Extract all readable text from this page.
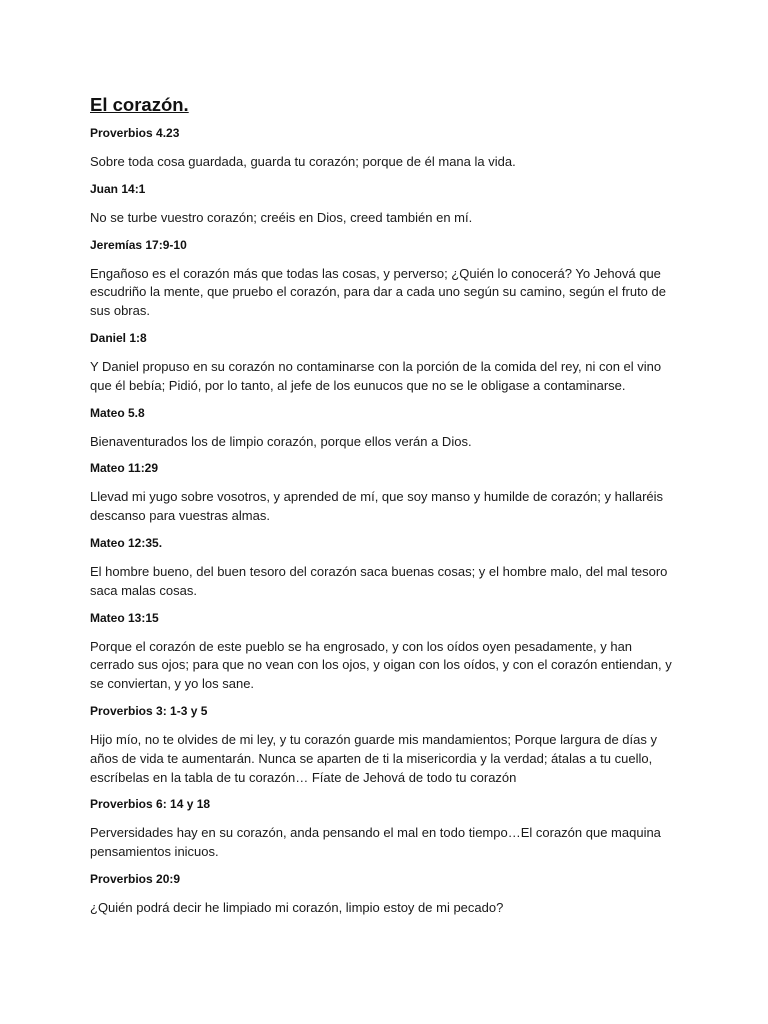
El corazón.

Proverbios 4.23

Sobre toda cosa guardada, guarda tu corazón; porque de él mana la vida.

Juan 14:1

No se turbe vuestro corazón; creéis en Dios, creed también en mí.

Jeremías 17:9-10

Engañoso es el corazón más que todas las cosas, y perverso; ¿Quién lo conocerá? Yo Jehová que escudriño la mente, que pruebo el corazón, para dar a cada uno según su camino, según el fruto de sus obras.

Daniel 1:8

Y Daniel propuso en su corazón no contaminarse con la porción de la comida del rey, ni con el vino que él bebía; Pidió, por lo tanto, al jefe de los eunucos que no se le obligase a contaminarse.

Mateo 5.8

Bienaventurados los de limpio corazón, porque ellos verán a Dios.

Mateo 11:29

Llevad mi yugo sobre vosotros, y aprended de mí, que soy manso y humilde de corazón; y hallaréis descanso para vuestras almas.

Mateo 12:35.

El hombre bueno, del buen tesoro del corazón saca buenas cosas; y el hombre malo, del mal tesoro saca malas cosas.

Mateo 13:15

Porque el corazón de este pueblo se ha engrosado, y con los oídos oyen pesadamente, y han cerrado sus ojos; para que no vean con los ojos, y oigan con los oídos, y con el corazón entiendan, y se conviertan, y yo los sane.

Proverbios 3: 1-3 y 5

Hijo mío, no te olvides de mi ley, y tu corazón guarde mis mandamientos; Porque largura de días y años de vida te aumentarán. Nunca se aparten de ti la misericordia y la verdad; átalas a tu cuello, escríbelas en la tabla de tu corazón… Fíate de Jehová de todo tu corazón

Proverbios 6: 14 y 18

Perversidades hay en su corazón, anda pensando el mal en todo tiempo…El corazón que maquina pensamientos inicuos.

Proverbios 20:9

¿Quién podrá decir he limpiado mi corazón, limpio estoy de mi pecado?
